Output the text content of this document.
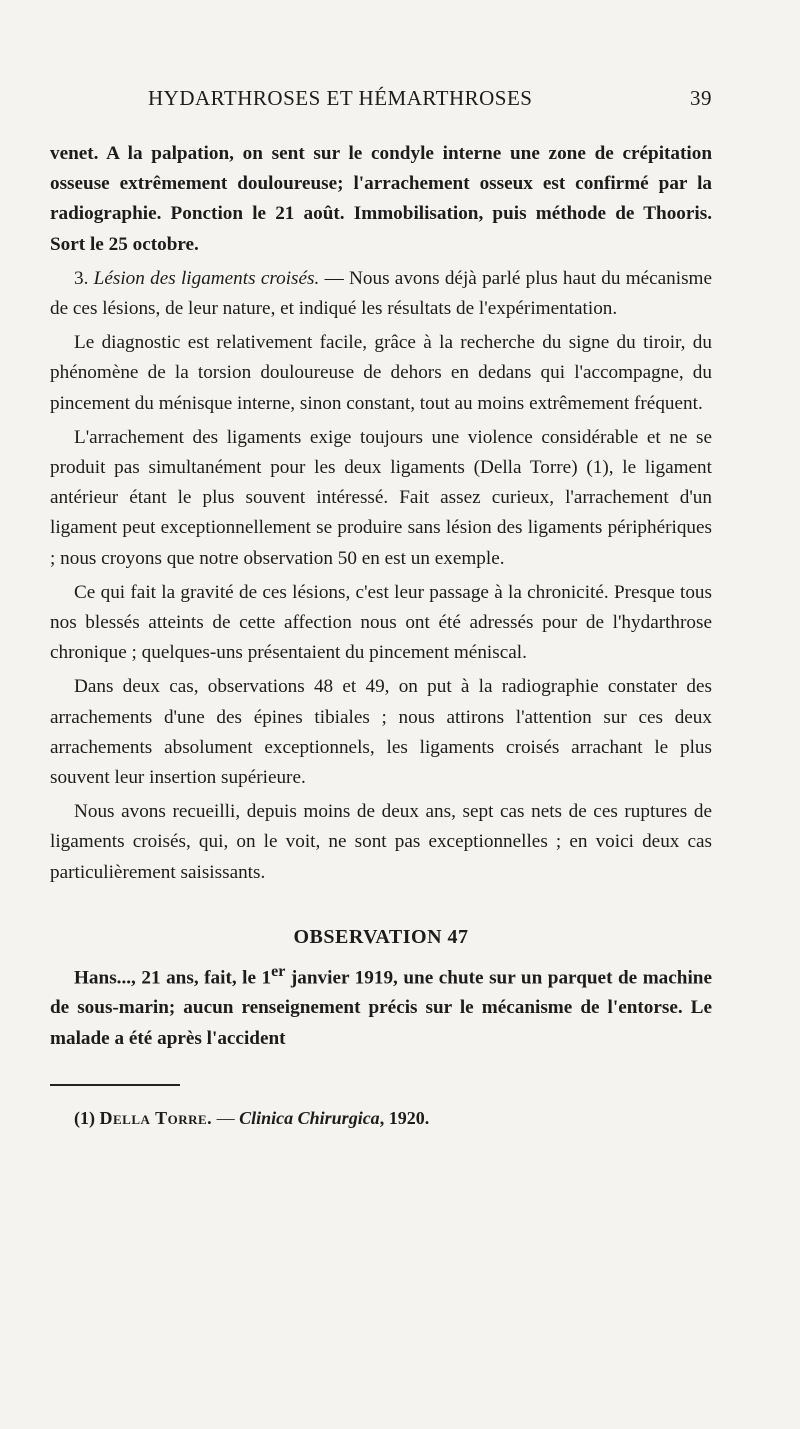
HYDARTHROSES ET HÉMARTHROSES	39

venet. A la palpation, on sent sur le condyle interne une zone de crépitation osseuse extrêmement douloureuse; l'arrachement osseux est confirmé par la radiographie. Ponction le 21 août. Immobilisation, puis méthode de Thooris. Sort le 25 octobre.

3. Lésion des ligaments croisés. — Nous avons déjà parlé plus haut du mécanisme de ces lésions, de leur nature, et indiqué les résultats de l'expérimentation.

Le diagnostic est relativement facile, grâce à la recherche du signe du tiroir, du phénomène de la torsion douloureuse de dehors en dedans qui l'accompagne, du pincement du ménisque interne, sinon constant, tout au moins extrêmement fréquent.

L'arrachement des ligaments exige toujours une violence considérable et ne se produit pas simultanément pour les deux ligaments (Della Torre) (1), le ligament antérieur étant le plus souvent intéressé. Fait assez curieux, l'arrachement d'un ligament peut exceptionnellement se produire sans lésion des ligaments périphériques ; nous croyons que notre observation 50 en est un exemple.

Ce qui fait la gravité de ces lésions, c'est leur passage à la chronicité. Presque tous nos blessés atteints de cette affection nous ont été adressés pour de l'hydarthrose chronique ; quelques-uns présentaient du pincement méniscal.

Dans deux cas, observations 48 et 49, on put à la radiographie constater des arrachements d'une des épines tibiales ; nous attirons l'attention sur ces deux arrachements absolument exceptionnels, les ligaments croisés arrachant le plus souvent leur insertion supérieure.

Nous avons recueilli, depuis moins de deux ans, sept cas nets de ces ruptures de ligaments croisés, qui, on le voit, ne sont pas exceptionnelles ; en voici deux cas particulièrement saisissants.

OBSERVATION 47

Hans..., 21 ans, fait, le 1er janvier 1919, une chute sur un parquet de machine de sous-marin; aucun renseignement précis sur le mécanisme de l'entorse. Le malade a été après l'accident

(1) Della Torre. — Clinica Chirurgica, 1920.
